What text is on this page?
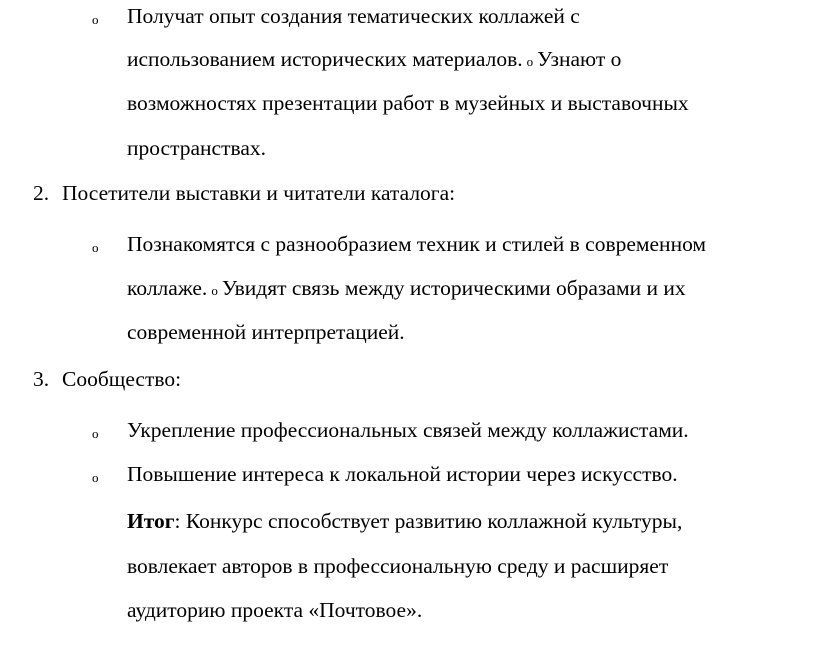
o Получат опыт создания тематических коллажей с
использованием исторических материалов. o Узнают о
возможностях презентации работ в музейных и выставочных
пространствах.
2. Посетители выставки и читатели каталога:
o Познакомятся с разнообразием техник и стилей в современном
коллаже. o Увидят связь между историческими образами и их
современной интерпретацией.
3. Сообщество:
o Укрепление профессиональных связей между коллажистами.
o Повышение интереса к локальной истории через искусство.
Итог: Конкурс способствует развитию коллажной культуры,
вовлекает авторов в профессиональную среду и расширяет
аудиторию проекта «Почтовое».
